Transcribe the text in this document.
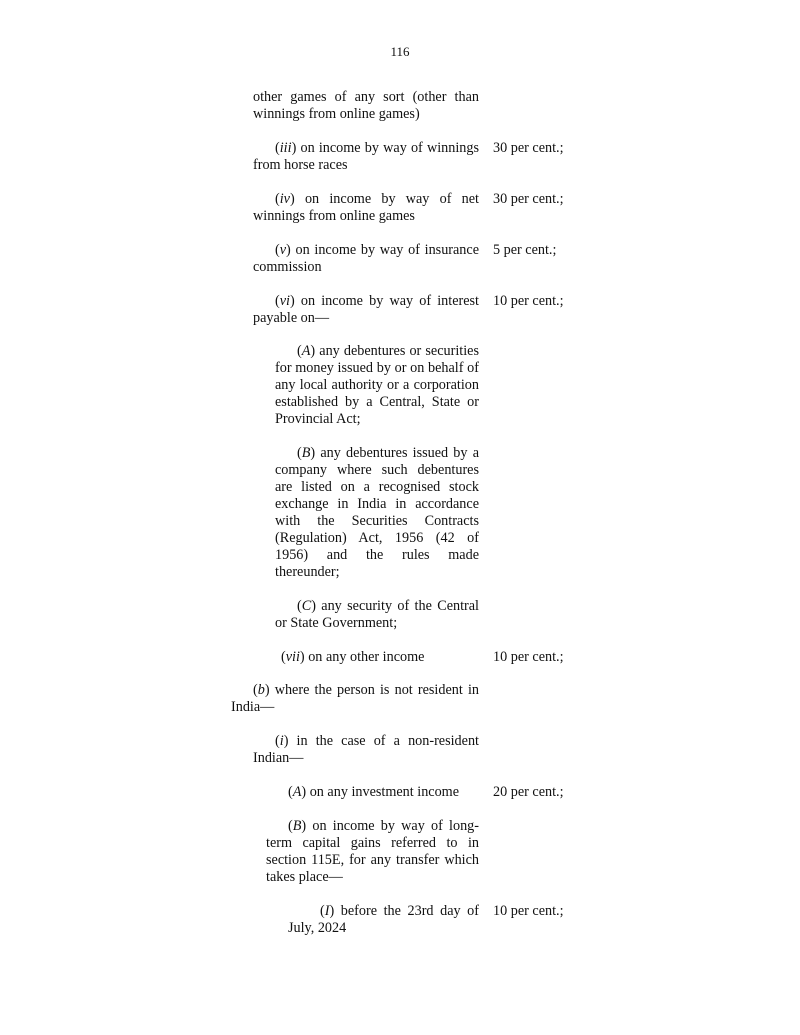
116
other games of any sort (other than winnings from online games)
(iii) on income by way of winnings from horse races
30 per cent.;
(iv) on income by way of net winnings from online games
30 per cent.;
(v) on income by way of insurance commission
5 per cent.;
(vi) on income by way of interest payable on—
10 per cent.;
(A) any debentures or securities for money issued by or on behalf of any local authority or a corporation established by a Central, State or Provincial Act;
(B) any debentures issued by a company where such debentures are listed on a recognised stock exchange in India in accordance with the Securities Contracts (Regulation) Act, 1956 (42 of 1956) and the rules made thereunder;
(C) any security of the Central or State Government;
(vii) on any other income	10 per cent.;
(b) where the person is not resident in India—
(i) in the case of a non-resident Indian—
(A) on any investment income	20 per cent.;
(B) on income by way of long-term capital gains referred to in section 115E, for any transfer which takes place—
(I) before the 23rd day of July, 2024
10 per cent.;
